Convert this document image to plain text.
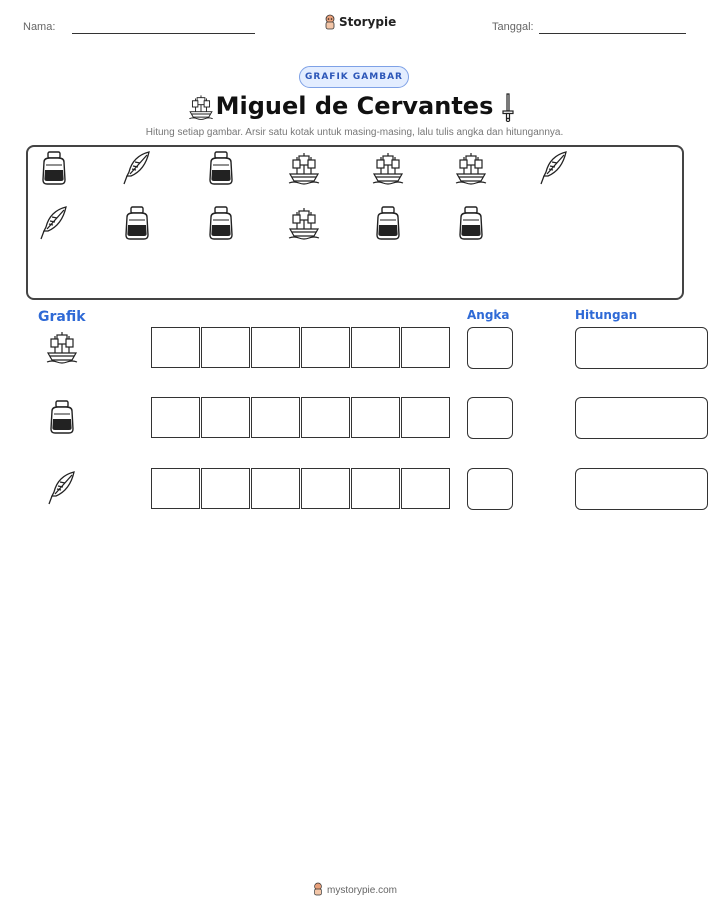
Nama:	Storypie	Tanggal:
GRAFIK GAMBAR
Miguel de Cervantes
Hitung setiap gambar. Arsir satu kotak untuk masing-masing, lalu tulis angka dan hitungannya.
Grafik	Angka	Hitungan
mystorypie.com
